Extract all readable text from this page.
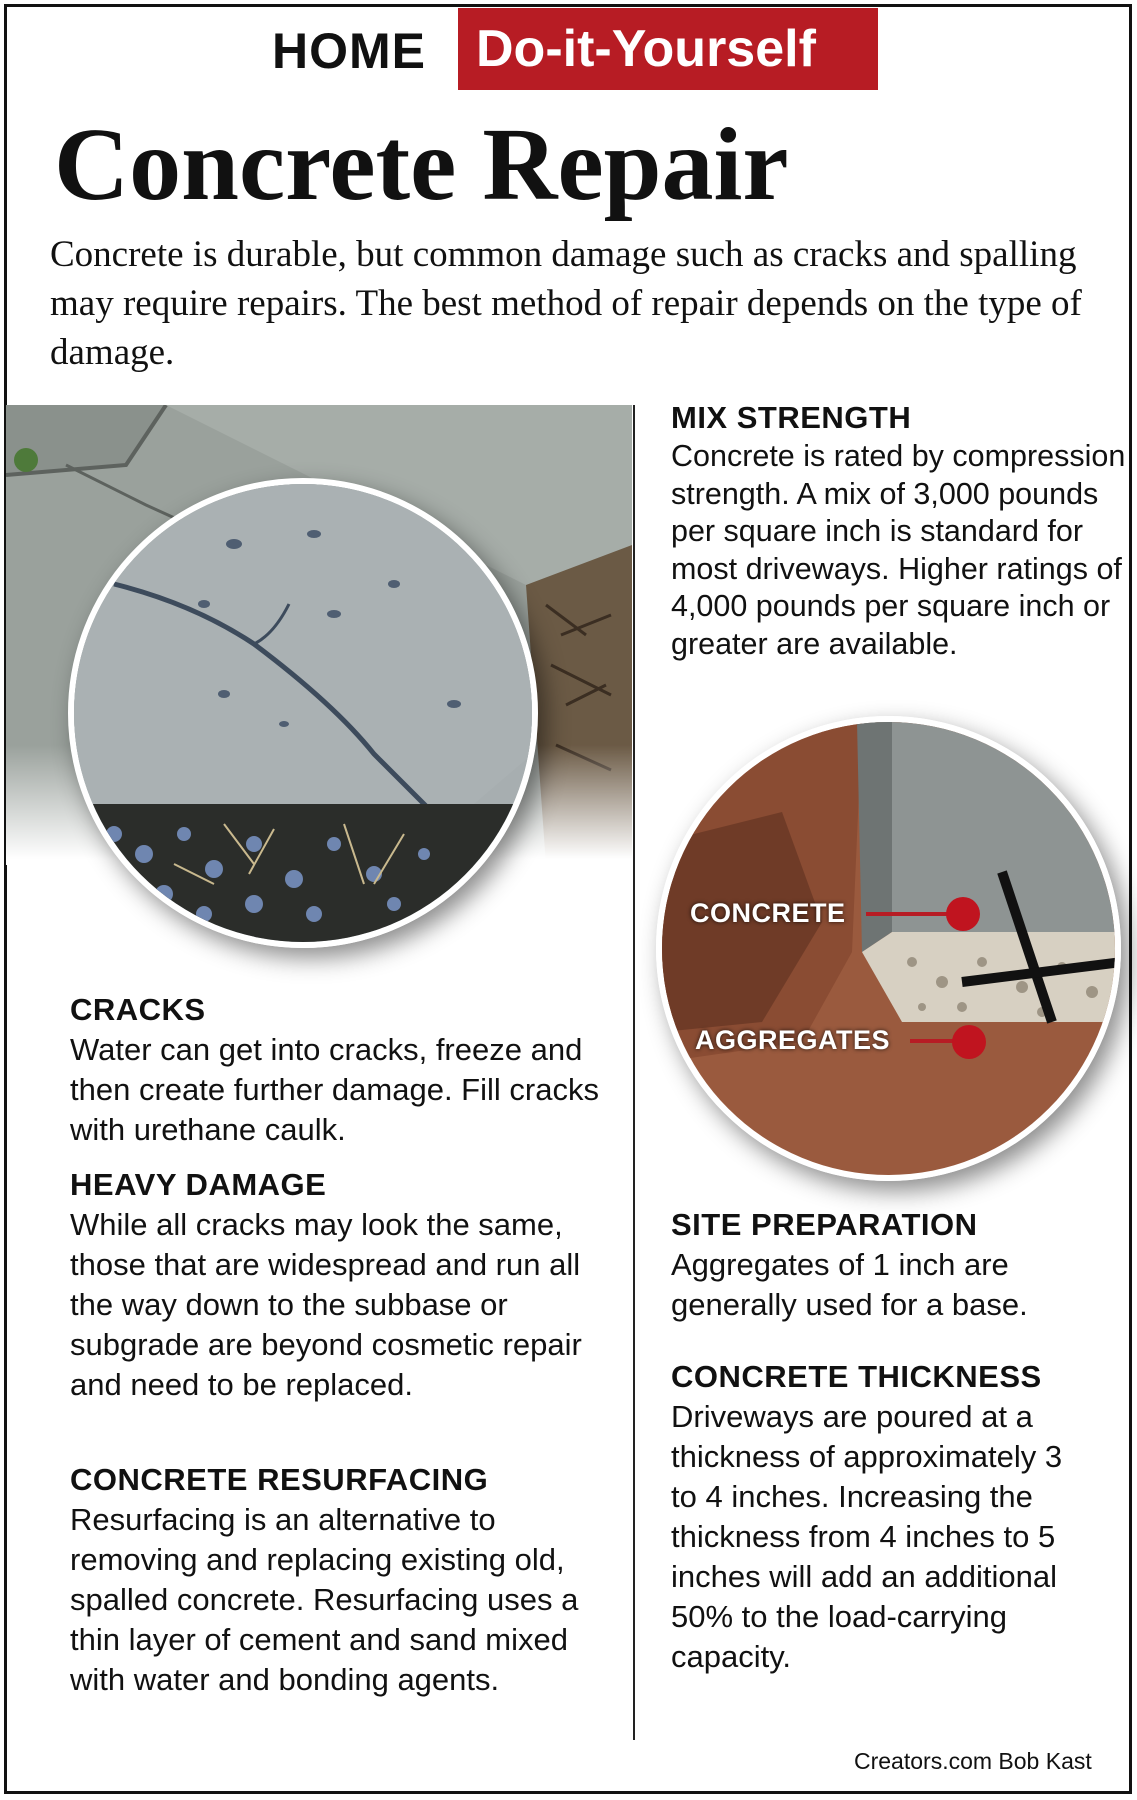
HOME Do-it-Yourself
Concrete Repair

Concrete is durable, but common damage such as cracks and spalling may require repairs. The best method of repair depends on the type of damage.

MIX STRENGTH

Concrete is rated by compression strength. A mix of 3,000 pounds per square inch is standard for most driveways. Higher ratings of 4,000 pounds per square inch or greater are available.

CONCRETE
AGGREGATES
CRACKS

Water can get into cracks, freeze and then create further damage. Fill cracks with urethane caulk.

HEAVY DAMAGE

While all cracks may look the same, those that are widespread and run all the way down to the subbase or subgrade are beyond cosmetic repair and need to be replaced.

CONCRETE RESURFACING

Resurfacing is an alternative to removing and replacing existing old, spalled concrete. Resurfacing uses a thin layer of cement and sand mixed with water and bonding agents.

SITE PREPARATION

Aggregates of 1 inch are generally used for a base.

CONCRETE THICKNESS

Driveways are poured at a thickness of approximately 3 to 4 inches. Increasing the thickness from 4 inches to 5 inches will add an additional 50% to the load-carrying capacity.

Creators.com Bob Kast
